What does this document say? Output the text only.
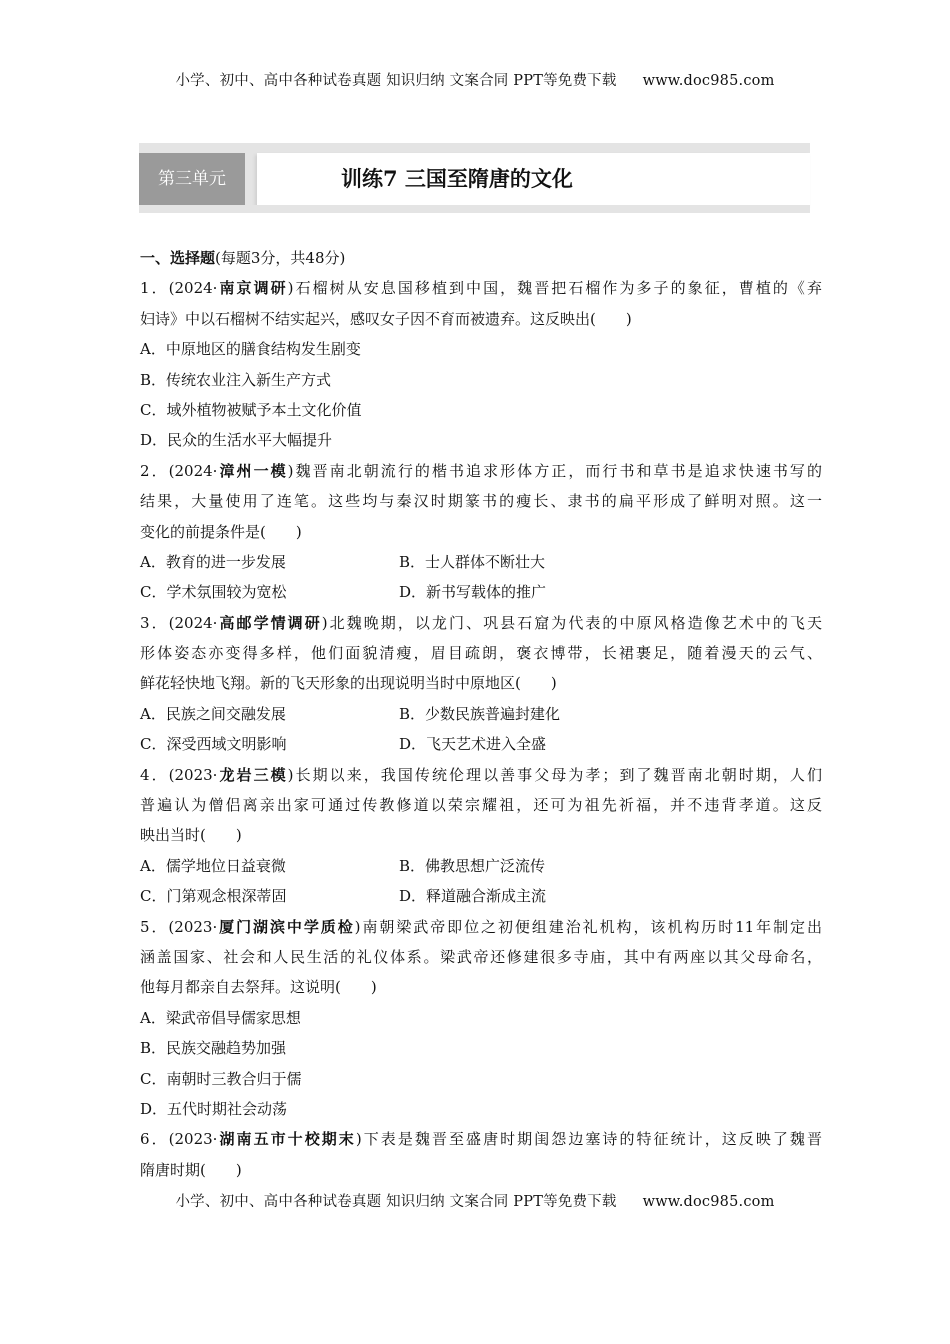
小学、初中、高中各种试卷真题 知识归纳 文案合同 PPT等免费下载 www.doc985.com
第三单元	训练7 三国至隋唐的文化
一、选择题(每题3分，共48分)
1．(2024·南京调研)石榴树从安息国移植到中国，魏晋把石榴作为多子的象征，曹植的《弃
妇诗》中以石榴树不结实起兴，感叹女子因不育而被遗弃。这反映出(　　)
A．中原地区的膳食结构发生剧变
B．传统农业注入新生产方式
C．域外植物被赋予本土文化价值
D．民众的生活水平大幅提升
2．(2024·漳州一模)魏晋南北朝流行的楷书追求形体方正，而行书和草书是追求快速书写的
结果，大量使用了连笔。这些均与秦汉时期篆书的瘦长、隶书的扁平形成了鲜明对照。这一
变化的前提条件是(　　)
A．教育的进一步发展	B．士人群体不断壮大
C．学术氛围较为宽松	D．新书写载体的推广
3．(2024·高邮学情调研)北魏晚期，以龙门、巩县石窟为代表的中原风格造像艺术中的飞天
形体姿态亦变得多样，他们面貌清瘦，眉目疏朗，褒衣博带，长裙裹足，随着漫天的云气、
鲜花轻快地飞翔。新的飞天形象的出现说明当时中原地区(　　)
A．民族之间交融发展	B．少数民族普遍封建化
C．深受西域文明影响	D．飞天艺术进入全盛
4．(2023·龙岩三模)长期以来，我国传统伦理以善事父母为孝；到了魏晋南北朝时期，人们
普遍认为僧侣离亲出家可通过传教修道以荣宗耀祖，还可为祖先祈福，并不违背孝道。这反
映出当时(　　)
A．儒学地位日益衰微	B．佛教思想广泛流传
C．门第观念根深蒂固	D．释道融合渐成主流
5．(2023·厦门湖滨中学质检)南朝梁武帝即位之初便组建治礼机构，该机构历时11年制定出
涵盖国家、社会和人民生活的礼仪体系。梁武帝还修建很多寺庙，其中有两座以其父母命名，
他每月都亲自去祭拜。这说明(　　)
A．梁武帝倡导儒家思想
B．民族交融趋势加强
C．南朝时三教合归于儒
D．五代时期社会动荡
6．(2023·湖南五市十校期末)下表是魏晋至盛唐时期闺怨边塞诗的特征统计，这反映了魏晋
隋唐时期(　　)
小学、初中、高中各种试卷真题 知识归纳 文案合同 PPT等免费下载 www.doc985.com
